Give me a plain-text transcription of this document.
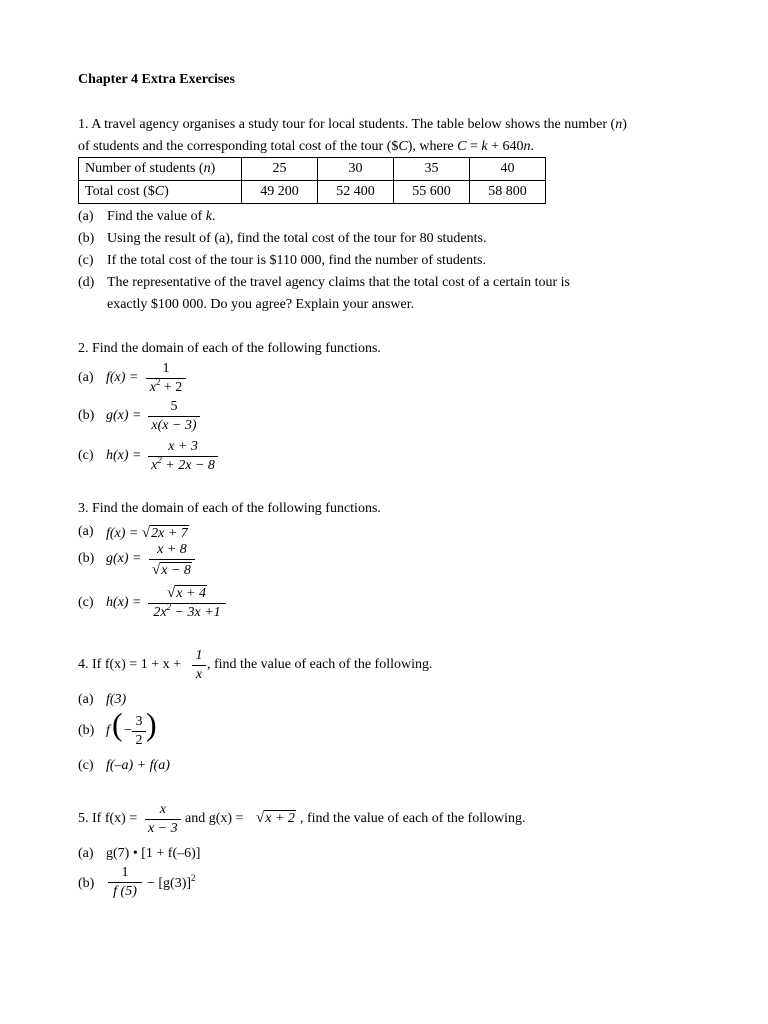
Chapter 4 Extra Exercises
1. A travel agency organises a study tour for local students. The table below shows the number (n)
of students and the corresponding total cost of the tour ($C), where C = k + 640n.
Number of students (n)	25	30	35	40
Total cost ($C)	49 200	52 400	55 600	58 800
(a) Find the value of k.
(b) Using the result of (a), find the total cost of the tour for 80 students.
(c) If the total cost of the tour is $110 000, find the number of students.
(d) The representative of the travel agency claims that the total cost of a certain tour is
exactly $100 000. Do you agree? Explain your answer.
2. Find the domain of each of the following functions.
(a) $f(x) = \frac{1}{x^2 + 2}$
(b) $g(x) = \frac{5}{x(x - 3)}$
(c) $h(x) = \frac{x + 3}{x^2 + 2x - 8}$
3. Find the domain of each of the following functions.
(a) f(x) = √2x + 7
(b) $g(x) = \frac{x + 8}{√x - 8}$
(c) $h(x) = \frac{√x + 4}{2x^2 - 3x +1}$
4. If $f(x) = 1 + x + \frac{1}{x}$ , find the value of each of the following.
(a) f(3)
(b) f ( − $\frac{3}{2}$ )
(c) f(–a) + f(a)
5. If $f(x) = \frac{x}{x - 3}$ and g(x) = √x + 2 , find the value of each of the following.
(a) g(7) • [1 + f(–6)]
$(b) \frac{1}{f (5)} - [g(3)]^2$
